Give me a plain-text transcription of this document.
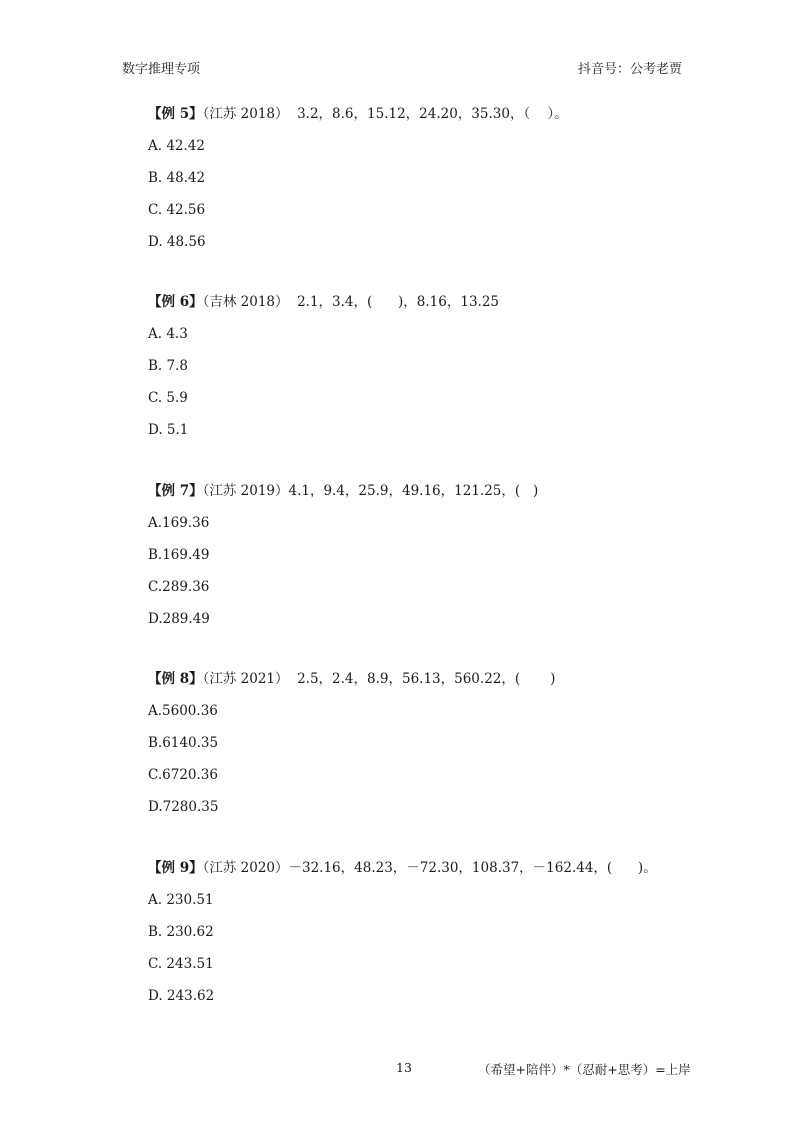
数字推理专项	抖音号：公考老贾
【例 5】（江苏 2018）  3.2，8.6，15.12，24.20，35.30，（    ）。
A. 42.42
B. 48.42
C. 42.56
D. 48.56
【例 6】（吉林 2018）  2.1，3.4，(      )，8.16，13.25
A. 4.3
B. 7.8
C. 5.9
D. 5.1
【例 7】（江苏 2019）4.1，9.4，25.9，49.16，121.25，(   )
A.169.36
B.169.49
C.289.36
D.289.49
【例 8】（江苏 2021）  2.5，2.4，8.9，56.13，560.22，(       )
A.5600.36
B.6140.35
C.6720.36
D.7280.35
【例 9】（江苏 2020）－32.16，48.23，－72.30，108.37，－162.44，(      )。
A. 230.51
B. 230.62
C. 243.51
D. 243.62
13	（希望+陪伴）*（忍耐+思考）=上岸
